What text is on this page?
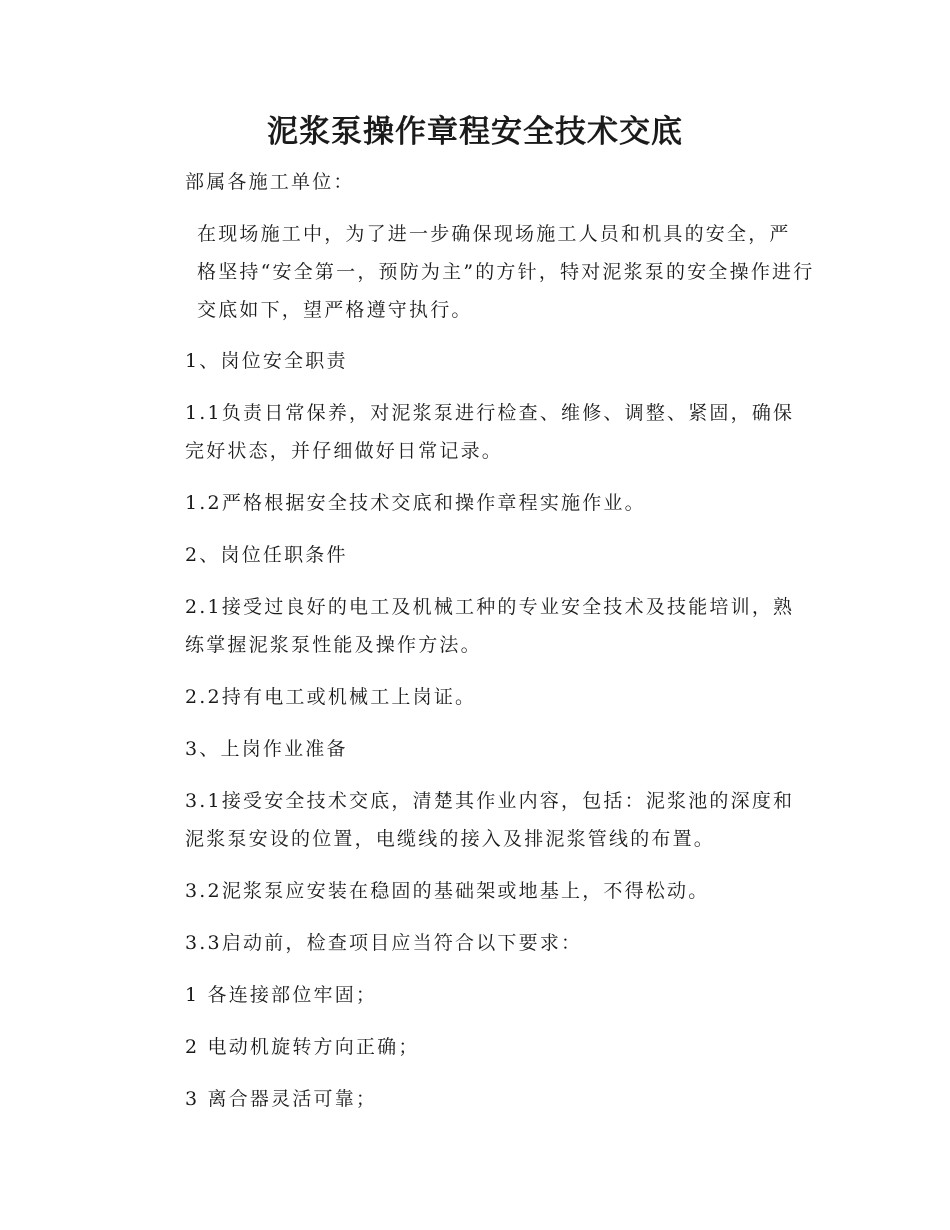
泥浆泵操作章程安全技术交底

部属各施工单位：

在现场施工中，为了进一步确保现场施工人员和机具的安全，严
格坚持“安全第一，预防为主”的方针，特对泥浆泵的安全操作进行
交底如下，望严格遵守执行。

1、岗位安全职责

1.1负责日常保养，对泥浆泵进行检查、维修、调整、紧固，确保
完好状态，并仔细做好日常记录。

1.2严格根据安全技术交底和操作章程实施作业。

2、岗位任职条件

2.1接受过良好的电工及机械工种的专业安全技术及技能培训，熟
练掌握泥浆泵性能及操作方法。

2.2持有电工或机械工上岗证。

3、上岗作业准备

3.1接受安全技术交底，清楚其作业内容，包括：泥浆池的深度和
泥浆泵安设的位置，电缆线的接入及排泥浆管线的布置。

3.2泥浆泵应安装在稳固的基础架或地基上，不得松动。

3.3启动前，检查项目应当符合以下要求：

1 各连接部位牢固；

2 电动机旋转方向正确；

3 离合器灵活可靠；
